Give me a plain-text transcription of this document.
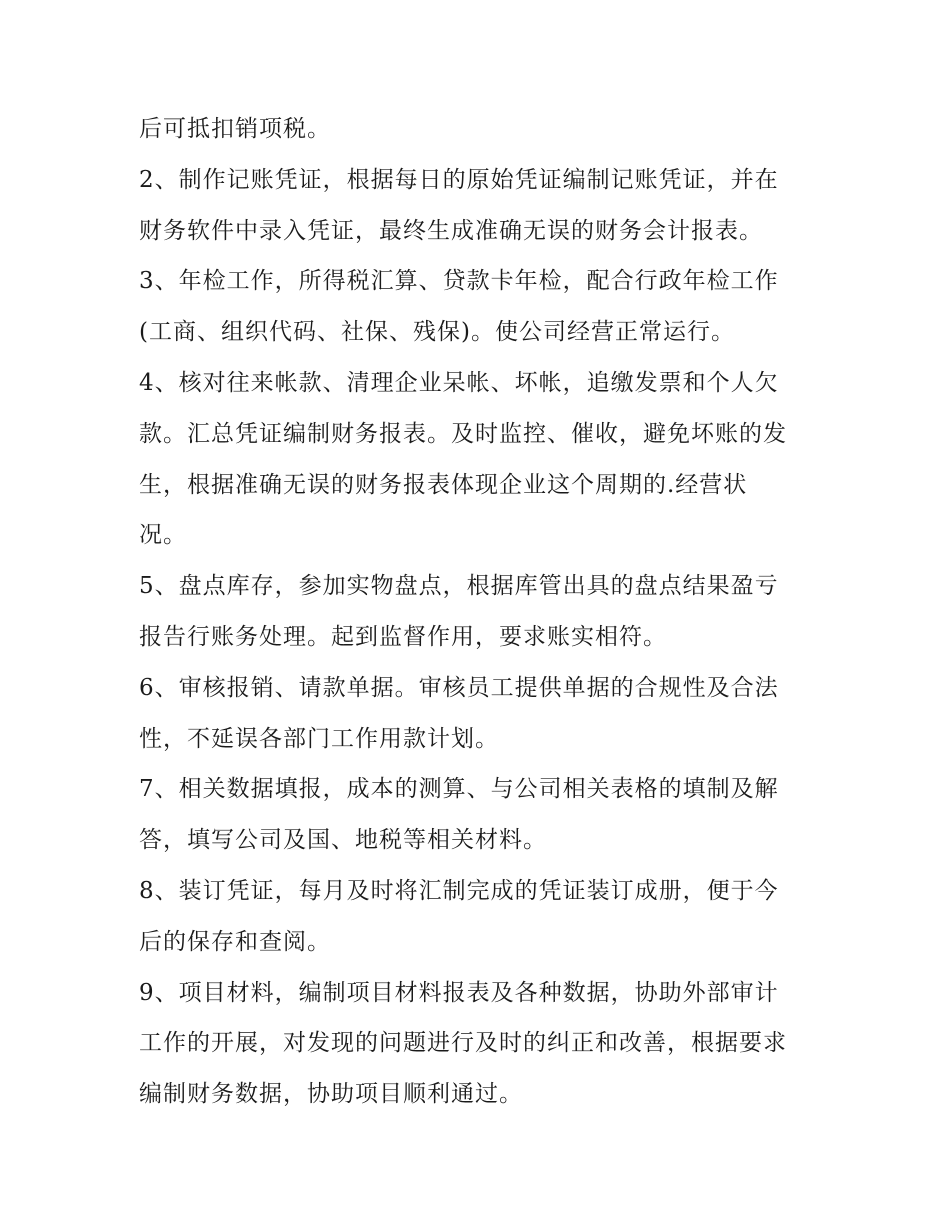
后可抵扣销项税。
2、制作记账凭证，根据每日的原始凭证编制记账凭证，并在
财务软件中录入凭证，最终生成准确无误的财务会计报表。
3、年检工作，所得税汇算、贷款卡年检，配合行政年检工作
(工商、组织代码、社保、残保)。使公司经营正常运行。
4、核对往来帐款、清理企业呆帐、坏帐，追缴发票和个人欠
款。汇总凭证编制财务报表。及时监控、催收，避免坏账的发
生，根据准确无误的财务报表体现企业这个周期的.经营状
况。
5、盘点库存，参加实物盘点，根据库管出具的盘点结果盈亏
报告行账务处理。起到监督作用，要求账实相符。
6、审核报销、请款单据。审核员工提供单据的合规性及合法
性，不延误各部门工作用款计划。
7、相关数据填报，成本的测算、与公司相关表格的填制及解
答，填写公司及国、地税等相关材料。
8、装订凭证，每月及时将汇制完成的凭证装订成册，便于今
后的保存和查阅。
9、项目材料，编制项目材料报表及各种数据，协助外部审计
工作的开展，对发现的问题进行及时的纠正和改善，根据要求
编制财务数据，协助项目顺利通过。
